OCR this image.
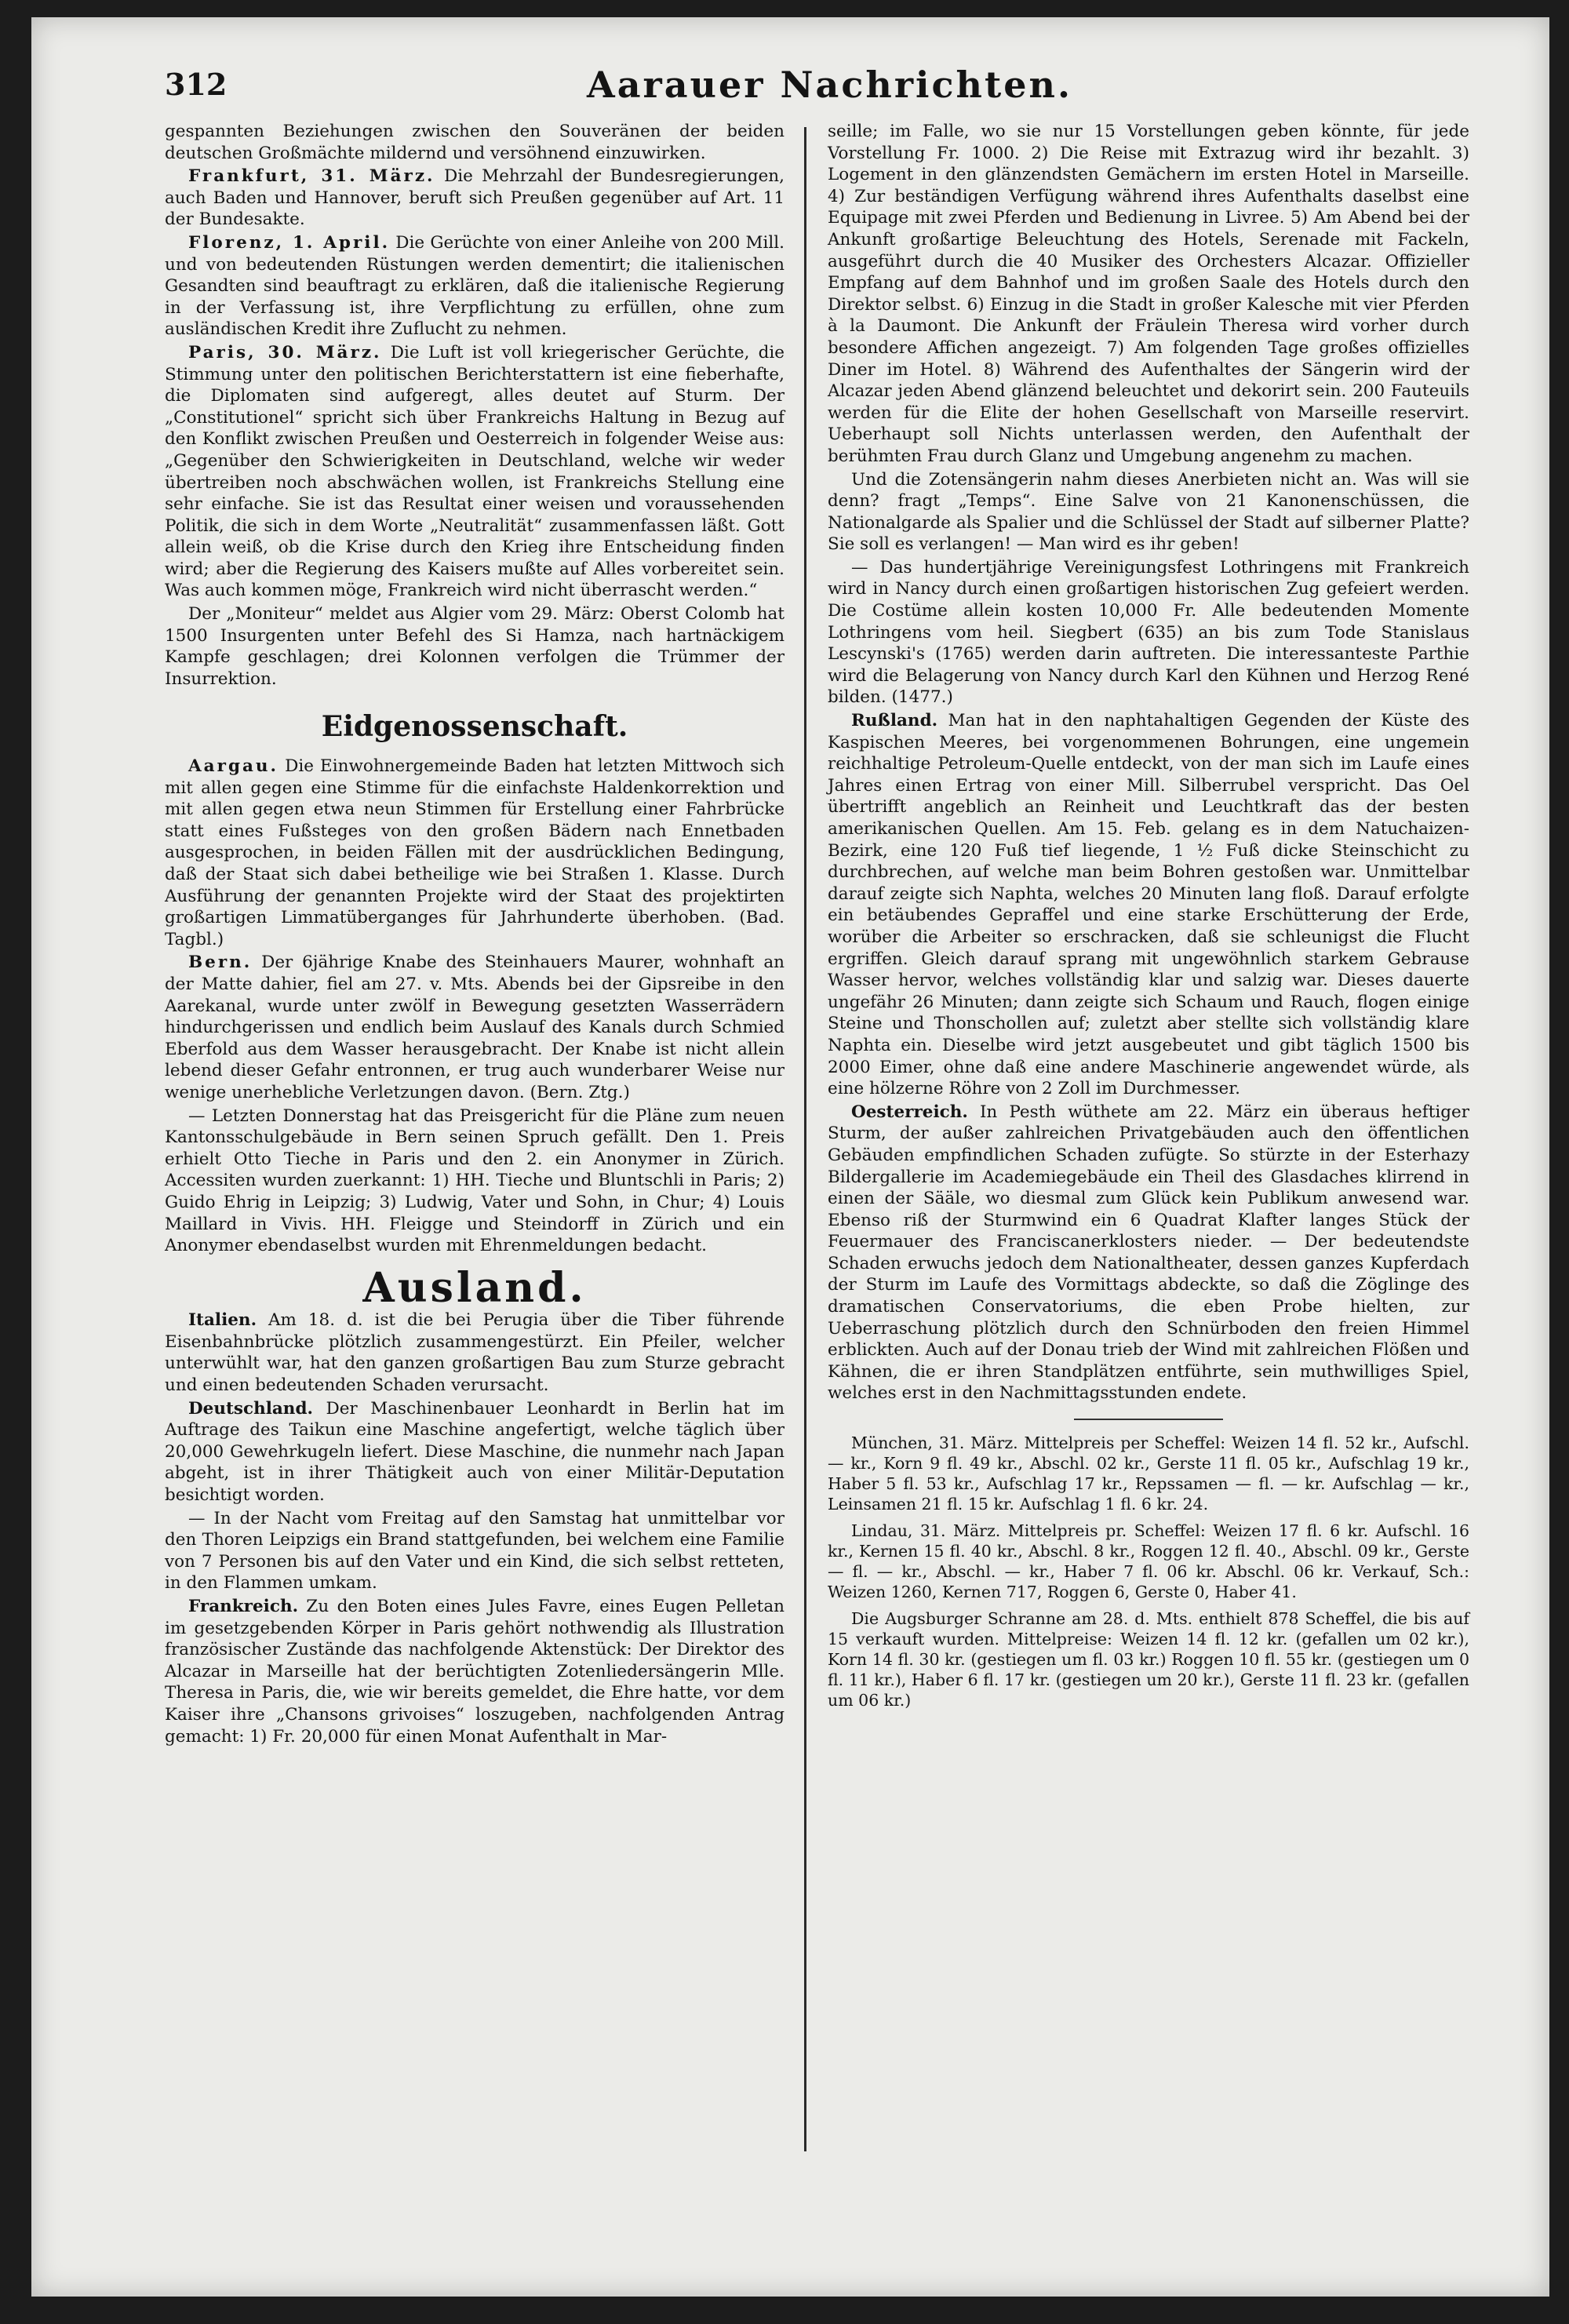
312	Aarauer Nachrichten.

gespannten Beziehungen zwischen den Souveränen der beiden deutschen Großmächte mildernd und versöhnend einzuwirken.

Frankfurt, 31. März. Die Mehrzahl der Bundesregierungen, auch Baden und Hannover, beruft sich Preußen gegenüber auf Art. 11 der Bundesakte.

Florenz, 1. April. Die Gerüchte von einer Anleihe von 200 Mill. und von bedeutenden Rüstungen werden dementirt; die italienischen Gesandten sind beauftragt zu erklären, daß die italienische Regierung in der Verfassung ist, ihre Verpflichtung zu erfüllen, ohne zum ausländischen Kredit ihre Zuflucht zu nehmen.

Paris, 30. März. Die Luft ist voll kriegerischer Gerüchte, die Stimmung unter den politischen Berichterstattern ist eine fieberhafte, die Diplomaten sind aufgeregt, alles deutet auf Sturm. Der „Constitutionel“ spricht sich über Frankreichs Haltung in Bezug auf den Konflikt zwischen Preußen und Oesterreich in folgender Weise aus: „Gegenüber den Schwierigkeiten in Deutschland, welche wir weder übertreiben noch abschwächen wollen, ist Frankreichs Stellung eine sehr einfache. Sie ist das Resultat einer weisen und voraussehenden Politik, die sich in dem Worte „Neutralität“ zusammenfassen läßt. Gott allein weiß, ob die Krise durch den Krieg ihre Entscheidung finden wird; aber die Regierung des Kaisers mußte auf Alles vorbereitet sein. Was auch kommen möge, Frankreich wird nicht überrascht werden.“

Der „Moniteur“ meldet aus Algier vom 29. März: Oberst Colomb hat 1500 Insurgenten unter Befehl des Si Hamza, nach hartnäckigem Kampfe geschlagen; drei Kolonnen verfolgen die Trümmer der Insurrektion.

Eidgenossenschaft.

Aargau. Die Einwohnergemeinde Baden hat letzten Mittwoch sich mit allen gegen eine Stimme für die einfachste Haldenkorrektion und mit allen gegen etwa neun Stimmen für Erstellung einer Fahrbrücke statt eines Fußsteges von den großen Bädern nach Ennetbaden ausgesprochen, in beiden Fällen mit der ausdrücklichen Bedingung, daß der Staat sich dabei betheilige wie bei Straßen 1. Klasse. Durch Ausführung der genannten Projekte wird der Staat des projektirten großartigen Limmatüberganges für Jahrhunderte überhoben. (Bad. Tagbl.)

Bern. Der 6jährige Knabe des Steinhauers Maurer, wohnhaft an der Matte dahier, fiel am 27. v. Mts. Abends bei der Gipsreibe in den Aarekanal, wurde unter zwölf in Bewegung gesetzten Wasserrädern hindurchgerissen und endlich beim Auslauf des Kanals durch Schmied Eberfold aus dem Wasser herausgebracht. Der Knabe ist nicht allein lebend dieser Gefahr entronnen, er trug auch wunderbarer Weise nur wenige unerhebliche Verletzungen davon. (Bern. Ztg.)

— Letzten Donnerstag hat das Preisgericht für die Pläne zum neuen Kantonsschulgebäude in Bern seinen Spruch gefällt. Den 1. Preis erhielt Otto Tieche in Paris und den 2. ein Anonymer in Zürich. Accessiten wurden zuerkannt: 1) HH. Tieche und Bluntschli in Paris; 2) Guido Ehrig in Leipzig; 3) Ludwig, Vater und Sohn, in Chur; 4) Louis Maillard in Vivis. HH. Fleigge und Steindorff in Zürich und ein Anonymer ebendaselbst wurden mit Ehrenmeldungen bedacht.

Ausland.

Italien. Am 18. d. ist die bei Perugia über die Tiber führende Eisenbahnbrücke plötzlich zusammengestürzt. Ein Pfeiler, welcher unterwühlt war, hat den ganzen großartigen Bau zum Sturze gebracht und einen bedeutenden Schaden verursacht.

Deutschland. Der Maschinenbauer Leonhardt in Berlin hat im Auftrage des Taikun eine Maschine angefertigt, welche täglich über 20,000 Gewehrkugeln liefert. Diese Maschine, die nunmehr nach Japan abgeht, ist in ihrer Thätigkeit auch von einer Militär-Deputation besichtigt worden.

— In der Nacht vom Freitag auf den Samstag hat unmittelbar vor den Thoren Leipzigs ein Brand stattgefunden, bei welchem eine Familie von 7 Personen bis auf den Vater und ein Kind, die sich selbst retteten, in den Flammen umkam.

Frankreich. Zu den Boten eines Jules Favre, eines Eugen Pelletan im gesetzgebenden Körper in Paris gehört nothwendig als Illustration französischer Zustände das nachfolgende Aktenstück: Der Direktor des Alcazar in Marseille hat der berüchtigten Zotenliedersängerin Mlle. Theresa in Paris, die, wie wir bereits gemeldet, die Ehre hatte, vor dem Kaiser ihre „Chansons grivoises“ loszugeben, nachfolgenden Antrag gemacht: 1) Fr. 20,000 für einen Monat Aufenthalt in Mar-

seille; im Falle, wo sie nur 15 Vorstellungen geben könnte, für jede Vorstellung Fr. 1000. 2) Die Reise mit Extrazug wird ihr bezahlt. 3) Logement in den glänzendsten Gemächern im ersten Hotel in Marseille. 4) Zur beständigen Verfügung während ihres Aufenthalts daselbst eine Equipage mit zwei Pferden und Bedienung in Livree. 5) Am Abend bei der Ankunft großartige Beleuchtung des Hotels, Serenade mit Fackeln, ausgeführt durch die 40 Musiker des Orchesters Alcazar. Offizieller Empfang auf dem Bahnhof und im großen Saale des Hotels durch den Direktor selbst. 6) Einzug in die Stadt in großer Kalesche mit vier Pferden à la Daumont. Die Ankunft der Fräulein Theresa wird vorher durch besondere Affichen angezeigt. 7) Am folgenden Tage großes offizielles Diner im Hotel. 8) Während des Aufenthaltes der Sängerin wird der Alcazar jeden Abend glänzend beleuchtet und dekorirt sein. 200 Fauteuils werden für die Elite der hohen Gesellschaft von Marseille reservirt. Ueberhaupt soll Nichts unterlassen werden, den Aufenthalt der berühmten Frau durch Glanz und Umgebung angenehm zu machen.

Und die Zotensängerin nahm dieses Anerbieten nicht an. Was will sie denn? fragt „Temps“. Eine Salve von 21 Kanonenschüssen, die Nationalgarde als Spalier und die Schlüssel der Stadt auf silberner Platte? Sie soll es verlangen! — Man wird es ihr geben!

— Das hundertjährige Vereinigungsfest Lothringens mit Frankreich wird in Nancy durch einen großartigen historischen Zug gefeiert werden. Die Costüme allein kosten 10,000 Fr. Alle bedeutenden Momente Lothringens vom heil. Siegbert (635) an bis zum Tode Stanislaus Lescynski's (1765) werden darin auftreten. Die interessanteste Parthie wird die Belagerung von Nancy durch Karl den Kühnen und Herzog René bilden. (1477.)

Rußland. Man hat in den naphtahaltigen Gegenden der Küste des Kaspischen Meeres, bei vorgenommenen Bohrungen, eine ungemein reichhaltige Petroleum-Quelle entdeckt, von der man sich im Laufe eines Jahres einen Ertrag von einer Mill. Silberrubel verspricht. Das Oel übertrifft angeblich an Reinheit und Leuchtkraft das der besten amerikanischen Quellen. Am 15. Feb. gelang es in dem Natuchaizen-Bezirk, eine 120 Fuß tief liegende, 1 ½ Fuß dicke Steinschicht zu durchbrechen, auf welche man beim Bohren gestoßen war. Unmittelbar darauf zeigte sich Naphta, welches 20 Minuten lang floß. Darauf erfolgte ein betäubendes Gepraffel und eine starke Erschütterung der Erde, worüber die Arbeiter so erschracken, daß sie schleunigst die Flucht ergriffen. Gleich darauf sprang mit ungewöhnlich starkem Gebrause Wasser hervor, welches vollständig klar und salzig war. Dieses dauerte ungefähr 26 Minuten; dann zeigte sich Schaum und Rauch, flogen einige Steine und Thonschollen auf; zuletzt aber stellte sich vollständig klare Naphta ein. Dieselbe wird jetzt ausgebeutet und gibt täglich 1500 bis 2000 Eimer, ohne daß eine andere Maschinerie angewendet würde, als eine hölzerne Röhre von 2 Zoll im Durchmesser.

Oesterreich. In Pesth wüthete am 22. März ein überaus heftiger Sturm, der außer zahlreichen Privatgebäuden auch den öffentlichen Gebäuden empfindlichen Schaden zufügte. So stürzte in der Esterhazy Bildergallerie im Academiegebäude ein Theil des Glasdaches klirrend in einen der Sääle, wo diesmal zum Glück kein Publikum anwesend war. Ebenso riß der Sturmwind ein 6 Quadrat Klafter langes Stück der Feuermauer des Franciscanerklosters nieder. — Der bedeutendste Schaden erwuchs jedoch dem Nationaltheater, dessen ganzes Kupferdach der Sturm im Laufe des Vormittags abdeckte, so daß die Zöglinge des dramatischen Conservatoriums, die eben Probe hielten, zur Ueberraschung plötzlich durch den Schnürboden den freien Himmel erblickten. Auch auf der Donau trieb der Wind mit zahlreichen Flößen und Kähnen, die er ihren Standplätzen entführte, sein muthwilliges Spiel, welches erst in den Nachmittagsstunden endete.

München, 31. März. Mittelpreis per Scheffel: Weizen 14 fl. 52 kr., Aufschl. — kr., Korn 9 fl. 49 kr., Abschl. 02 kr., Gerste 11 fl. 05 kr., Aufschlag 19 kr., Haber 5 fl. 53 kr., Aufschlag 17 kr., Repssamen — fl. — kr. Aufschlag — kr., Leinsamen 21 fl. 15 kr. Aufschlag 1 fl. 6 kr. 24.

Lindau, 31. März. Mittelpreis pr. Scheffel: Weizen 17 fl. 6 kr. Aufschl. 16 kr., Kernen 15 fl. 40 kr., Abschl. 8 kr., Roggen 12 fl. 40., Abschl. 09 kr., Gerste — fl. — kr., Abschl. — kr., Haber 7 fl. 06 kr. Abschl. 06 kr. Verkauf, Sch.: Weizen 1260, Kernen 717, Roggen 6, Gerste 0, Haber 41.

Die Augsburger Schranne am 28. d. Mts. enthielt 878 Scheffel, die bis auf 15 verkauft wurden. Mittelpreise: Weizen 14 fl. 12 kr. (gefallen um 02 kr.), Korn 14 fl. 30 kr. (gestiegen um fl. 03 kr.) Roggen 10 fl. 55 kr. (gestiegen um 0 fl. 11 kr.), Haber 6 fl. 17 kr. (gestiegen um 20 kr.), Gerste 11 fl. 23 kr. (gefallen um 06 kr.)
